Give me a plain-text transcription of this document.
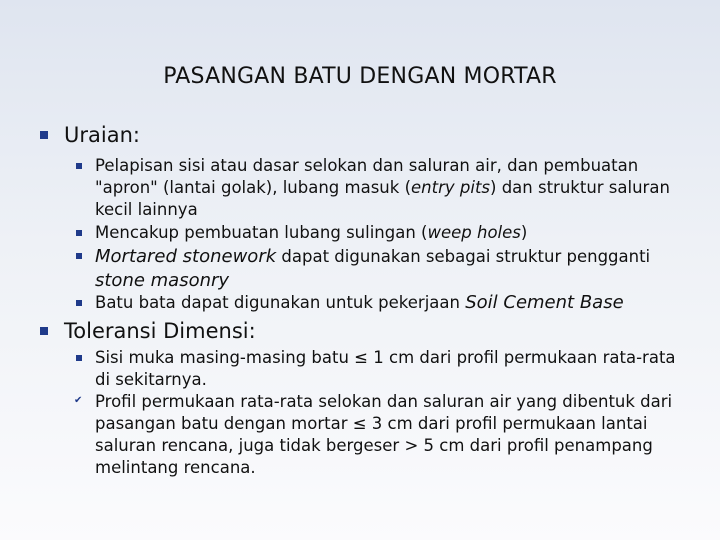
PASANGAN BATU DENGAN MORTAR
Uraian:
Pelapisan sisi atau dasar selokan dan saluran air, dan pembuatan "apron" (lantai golak), lubang masuk (entry pits) dan struktur saluran kecil lainnya
Mencakup pembuatan lubang sulingan (weep holes)
Mortared stonework dapat digunakan sebagai struktur pengganti stone masonry
Batu bata dapat digunakan untuk pekerjaan Soil Cement Base
Toleransi Dimensi:
Sisi muka masing-masing batu ≤ 1 cm dari profil permukaan rata-rata di sekitarnya.
✔ Profil permukaan rata-rata selokan dan saluran air yang dibentuk dari pasangan batu dengan mortar ≤ 3 cm dari profil permukaan lantai saluran rencana, juga tidak bergeser > 5 cm dari profil penampang melintang rencana.
